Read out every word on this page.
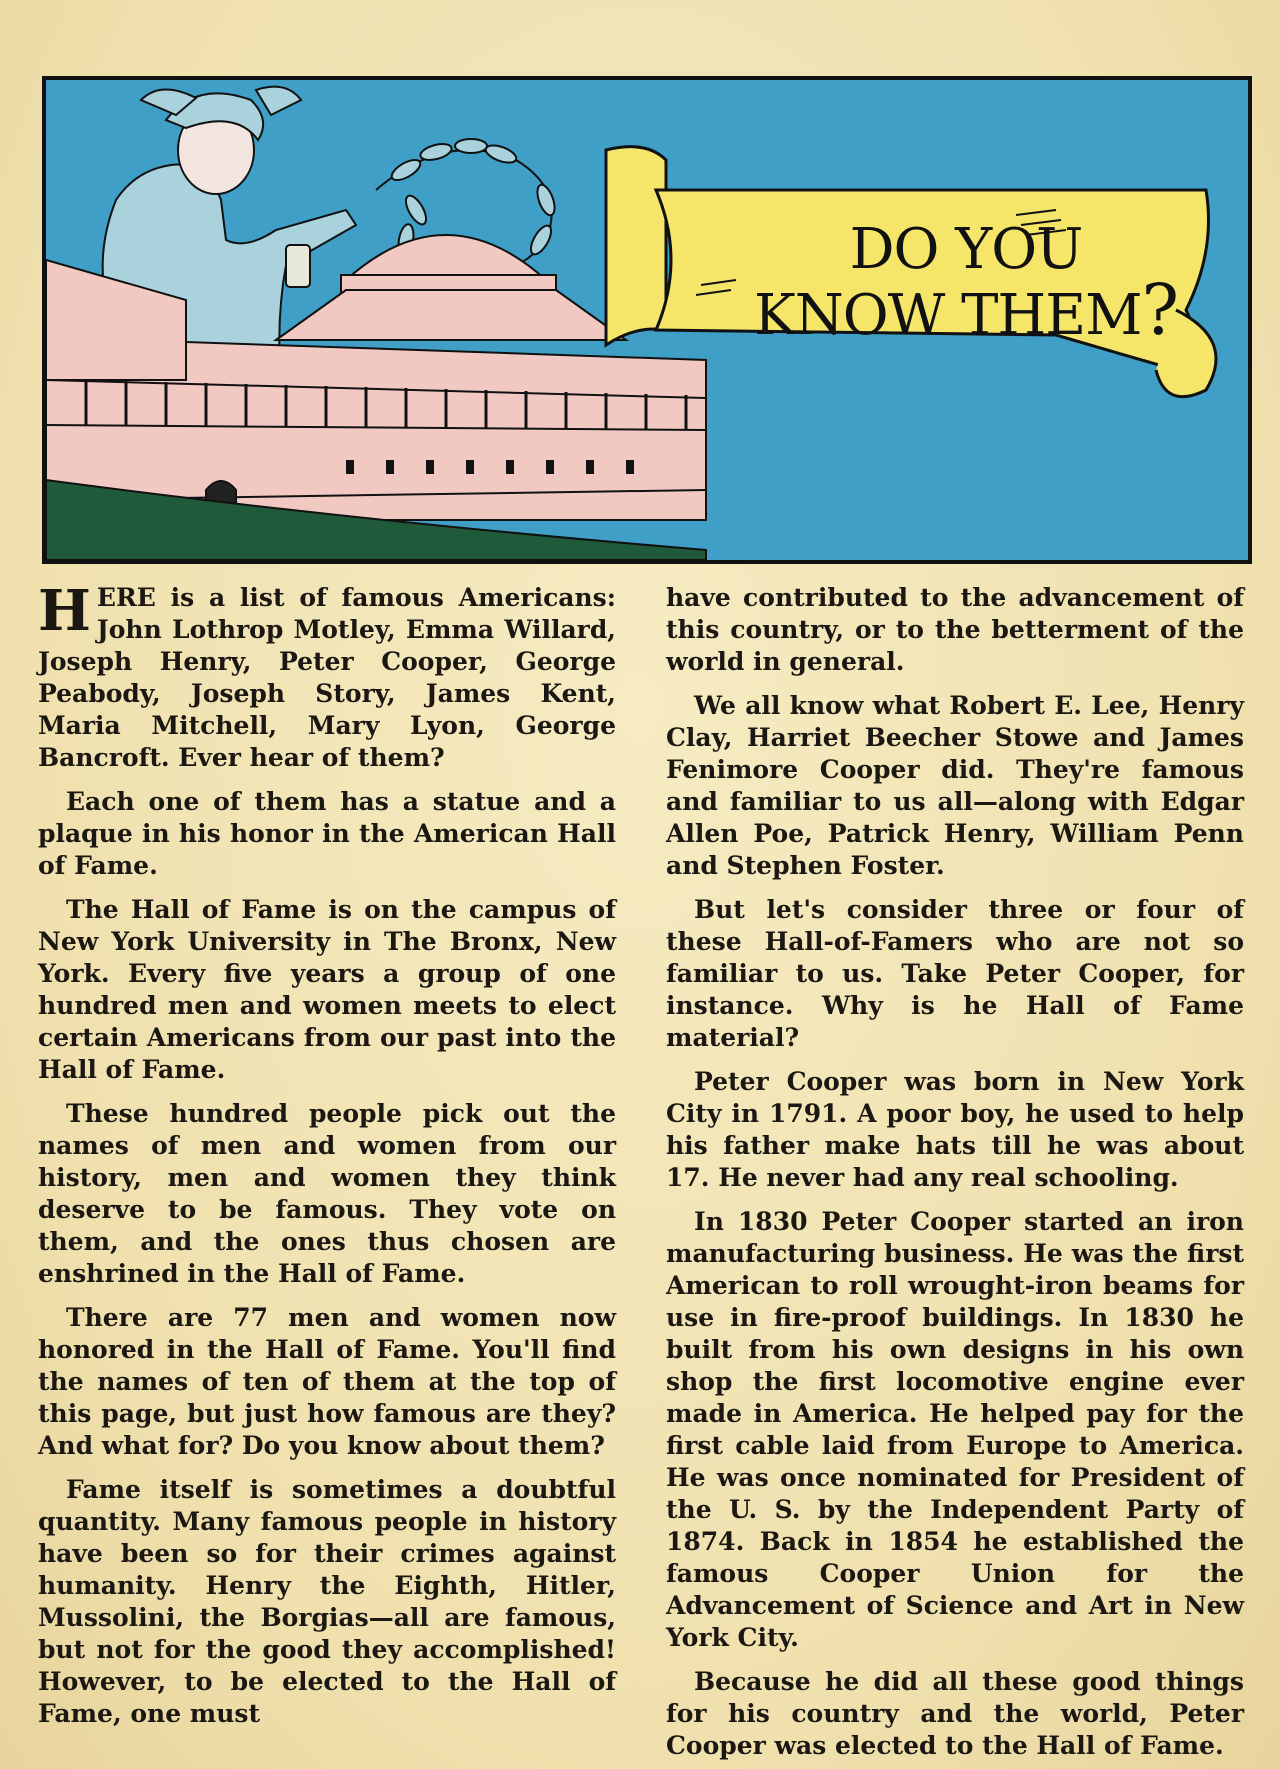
DO YOU
KNOW THEM?

HERE is a list of famous Americans: John Lothrop Motley, Emma Willard, Joseph Henry, Peter Cooper, George Peabody, Joseph Story, James Kent, Maria Mitchell, Mary Lyon, George Bancroft. Ever hear of them?

Each one of them has a statue and a plaque in his honor in the American Hall of Fame.

The Hall of Fame is on the campus of New York University in The Bronx, New York. Every five years a group of one hundred men and women meets to elect certain Americans from our past into the Hall of Fame.

These hundred people pick out the names of men and women from our history, men and women they think deserve to be famous. They vote on them, and the ones thus chosen are enshrined in the Hall of Fame.

There are 77 men and women now honored in the Hall of Fame. You'll find the names of ten of them at the top of this page, but just how famous are they? And what for? Do you know about them?

Fame itself is sometimes a doubtful quantity. Many famous people in history have been so for their crimes against humanity. Henry the Eighth, Hitler, Mussolini, the Borgias—all are famous, but not for the good they accomplished! However, to be elected to the Hall of Fame, one must

have contributed to the advancement of this country, or to the betterment of the world in general.

We all know what Robert E. Lee, Henry Clay, Harriet Beecher Stowe and James Fenimore Cooper did. They're famous and familiar to us all—along with Edgar Allen Poe, Patrick Henry, William Penn and Stephen Foster.

But let's consider three or four of these Hall-of-Famers who are not so familiar to us. Take Peter Cooper, for instance. Why is he Hall of Fame material?

Peter Cooper was born in New York City in 1791. A poor boy, he used to help his father make hats till he was about 17. He never had any real schooling.

In 1830 Peter Cooper started an iron manufacturing business. He was the first American to roll wrought-iron beams for use in fire-proof buildings. In 1830 he built from his own designs in his own shop the first locomotive engine ever made in America. He helped pay for the first cable laid from Europe to America. He was once nominated for President of the U. S. by the Independent Party of 1874. Back in 1854 he established the famous Cooper Union for the Advancement of Science and Art in New York City.

Because he did all these good things for his country and the world, Peter Cooper was elected to the Hall of Fame.
